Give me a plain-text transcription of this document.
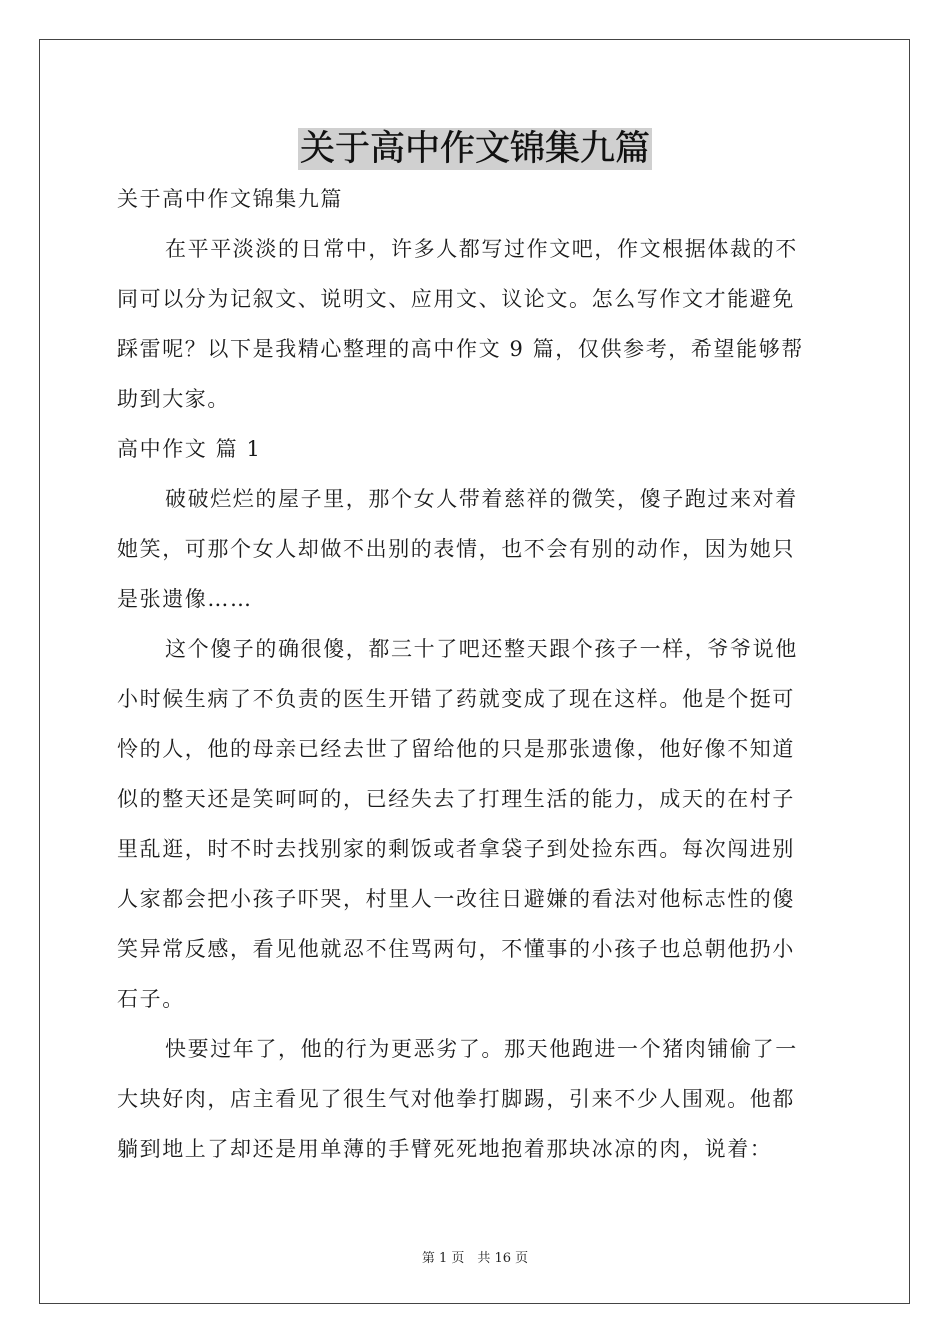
关于高中作文锦集九篇

关于高中作文锦集九篇

在平平淡淡的日常中，许多人都写过作文吧，作文根据体裁的不

同可以分为记叙文、说明文、应用文、议论文。怎么写作文才能避免

踩雷呢？以下是我精心整理的高中作文 9 篇，仅供参考，希望能够帮

助到大家。

高中作文 篇 1

破破烂烂的屋子里，那个女人带着慈祥的微笑，傻子跑过来对着

她笑，可那个女人却做不出别的表情，也不会有别的动作，因为她只

是张遗像……

这个傻子的确很傻，都三十了吧还整天跟个孩子一样，爷爷说他

小时候生病了不负责的医生开错了药就变成了现在这样。他是个挺可

怜的人，他的母亲已经去世了留给他的只是那张遗像，他好像不知道

似的整天还是笑呵呵的，已经失去了打理生活的能力，成天的在村子

里乱逛，时不时去找别家的剩饭或者拿袋子到处捡东西。每次闯进别

人家都会把小孩子吓哭，村里人一改往日避嫌的看法对他标志性的傻

笑异常反感，看见他就忍不住骂两句，不懂事的小孩子也总朝他扔小

石子。

快要过年了，他的行为更恶劣了。那天他跑进一个猪肉铺偷了一

大块好肉，店主看见了很生气对他拳打脚踢，引来不少人围观。他都

躺到地上了却还是用单薄的手臂死死地抱着那块冰凉的肉，说着：

第 1 页　共 16 页
